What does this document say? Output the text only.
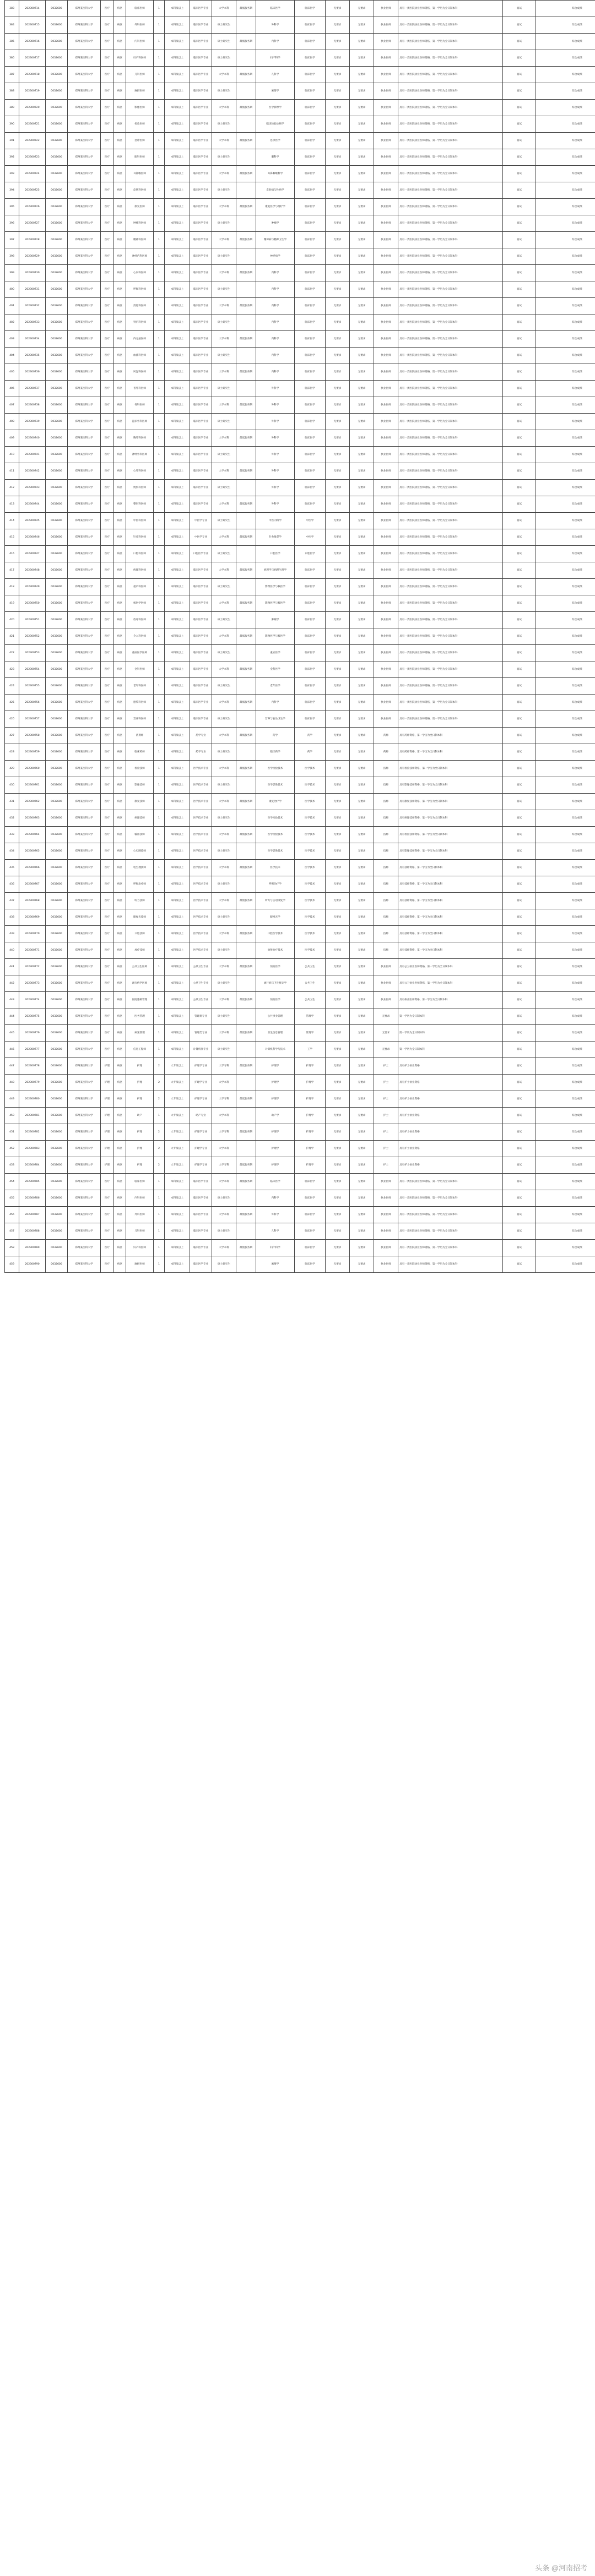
383	202300714	0032600	郑州某医科大学	医疗	病区	临床医师	1	本科及以上	临床医学专业	大学本科	最低服务期	临床医学	临床医学	无要求	无要求	执业医师	具有一类医院执业医师资格，第一学历为全日制本科	面试	综合成绩
384	202300715	0032600	郑州某医科大学	医疗	病区	外科医师	1	本科及以上	临床医学专业	硕士研究生		外科学	临床医学	无要求	无要求	执业医师	具有一类医院执业医师资格，第一学历为全日制本科	面试	综合成绩
385	202300716	0032600	郑州某医科大学	医疗	病区	内科医师	1	本科及以上	临床医学专业	硕士研究生	最低服务期	内科学	临床医学	无要求	无要求	执业医师	具有一类医院执业医师资格，第一学历为全日制本科	面试	综合成绩
386	202300717	0032600	郑州某医科大学	医疗	病区	妇产科医师	1	本科及以上	临床医学专业	硕士研究生		妇产科学	临床医学	无要求	无要求	执业医师	具有一类医院执业医师资格，第一学历为全日制本科	面试	综合成绩
387	202300718	0032600	郑州某医科大学	医疗	病区	儿科医师	1	本科及以上	临床医学专业	大学本科	最低服务期	儿科学	临床医学	无要求	无要求	执业医师	具有一类医院执业医师资格，第一学历为全日制本科	面试	综合成绩
388	202300719	0032600	郑州某医科大学	医疗	病区	麻醉医师	1	本科及以上	临床医学专业	硕士研究生		麻醉学	临床医学	无要求	无要求	执业医师	具有一类医院执业医师资格，第一学历为全日制本科	面试	综合成绩
389	202300720	0032600	郑州某医科大学	医疗	病区	影像医师	1	本科及以上	临床医学专业	大学本科	最低服务期	医学影像学	临床医学	无要求	无要求	执业医师	具有一类医院执业医师资格，第一学历为全日制本科	面试	综合成绩
390	202300721	0032600	郑州某医科大学	医疗	病区	检验医师	1	本科及以上	临床医学专业	硕士研究生		临床检验诊断学	临床医学	无要求	无要求	执业医师	具有一类医院执业医师资格，第一学历为全日制本科	面试	综合成绩
391	202300722	0032600	郑州某医科大学	医疗	病区	急诊医师	1	本科及以上	临床医学专业	大学本科	最低服务期	急诊医学	临床医学	无要求	无要求	执业医师	具有一类医院执业医师资格，第一学历为全日制本科	面试	综合成绩
392	202300723	0032600	郑州某医科大学	医疗	病区	眼科医师	1	本科及以上	临床医学专业	硕士研究生		眼科学	临床医学	无要求	无要求	执业医师	具有一类医院执业医师资格，第一学历为全日制本科	面试	综合成绩
393	202300724	0032600	郑州某医科大学	医疗	病区	耳鼻喉医师	1	本科及以上	临床医学专业	大学本科	最低服务期	耳鼻咽喉科学	临床医学	无要求	无要求	执业医师	具有一类医院执业医师资格，第一学历为全日制本科	面试	综合成绩
394	202300725	0032600	郑州某医科大学	医疗	病区	皮肤科医师	1	本科及以上	临床医学专业	硕士研究生		皮肤病与性病学	临床医学	无要求	无要求	执业医师	具有一类医院执业医师资格，第一学历为全日制本科	面试	综合成绩
395	202300726	0032600	郑州某医科大学	医疗	病区	康复医师	1	本科及以上	临床医学专业	大学本科	最低服务期	康复医学与理疗学	临床医学	无要求	无要求	执业医师	具有一类医院执业医师资格，第一学历为全日制本科	面试	综合成绩
396	202300727	0032600	郑州某医科大学	医疗	病区	肿瘤科医师	1	本科及以上	临床医学专业	硕士研究生		肿瘤学	临床医学	无要求	无要求	执业医师	具有一类医院执业医师资格，第一学历为全日制本科	面试	综合成绩
397	202300728	0032600	郑州某医科大学	医疗	病区	精神科医师	1	本科及以上	临床医学专业	大学本科	最低服务期	精神病与精神卫生学	临床医学	无要求	无要求	执业医师	具有一类医院执业医师资格，第一学历为全日制本科	面试	综合成绩
398	202300729	0032600	郑州某医科大学	医疗	病区	神经内科医师	1	本科及以上	临床医学专业	硕士研究生		神经病学	临床医学	无要求	无要求	执业医师	具有一类医院执业医师资格，第一学历为全日制本科	面试	综合成绩
399	202300730	0032600	郑州某医科大学	医疗	病区	心内科医师	1	本科及以上	临床医学专业	大学本科	最低服务期	内科学	临床医学	无要求	无要求	执业医师	具有一类医院执业医师资格，第一学历为全日制本科	面试	综合成绩
400	202300731	0032600	郑州某医科大学	医疗	病区	呼吸科医师	1	本科及以上	临床医学专业	硕士研究生		内科学	临床医学	无要求	无要求	执业医师	具有一类医院执业医师资格，第一学历为全日制本科	面试	综合成绩
401	202300732	0032600	郑州某医科大学	医疗	病区	消化科医师	1	本科及以上	临床医学专业	大学本科	最低服务期	内科学	临床医学	无要求	无要求	执业医师	具有一类医院执业医师资格，第一学历为全日制本科	面试	综合成绩
402	202300733	0032600	郑州某医科大学	医疗	病区	肾内科医师	1	本科及以上	临床医学专业	硕士研究生		内科学	临床医学	无要求	无要求	执业医师	具有一类医院执业医师资格，第一学历为全日制本科	面试	综合成绩
403	202300734	0032600	郑州某医科大学	医疗	病区	内分泌医师	1	本科及以上	临床医学专业	大学本科	最低服务期	内科学	临床医学	无要求	无要求	执业医师	具有一类医院执业医师资格，第一学历为全日制本科	面试	综合成绩
404	202300735	0032600	郑州某医科大学	医疗	病区	血液科医师	1	本科及以上	临床医学专业	硕士研究生		内科学	临床医学	无要求	无要求	执业医师	具有一类医院执业医师资格，第一学历为全日制本科	面试	综合成绩
405	202300736	0032600	郑州某医科大学	医疗	病区	风湿科医师	1	本科及以上	临床医学专业	大学本科	最低服务期	内科学	临床医学	无要求	无要求	执业医师	具有一类医院执业医师资格，第一学历为全日制本科	面试	综合成绩
406	202300737	0032600	郑州某医科大学	医疗	病区	普外科医师	1	本科及以上	临床医学专业	硕士研究生		外科学	临床医学	无要求	无要求	执业医师	具有一类医院执业医师资格，第一学历为全日制本科	面试	综合成绩
407	202300738	0032600	郑州某医科大学	医疗	病区	骨科医师	1	本科及以上	临床医学专业	大学本科	最低服务期	外科学	临床医学	无要求	无要求	执业医师	具有一类医院执业医师资格，第一学历为全日制本科	面试	综合成绩
408	202300739	0032600	郑州某医科大学	医疗	病区	泌尿外科医师	1	本科及以上	临床医学专业	硕士研究生		外科学	临床医学	无要求	无要求	执业医师	具有一类医院执业医师资格，第一学历为全日制本科	面试	综合成绩
409	202300740	0032600	郑州某医科大学	医疗	病区	胸外科医师	1	本科及以上	临床医学专业	大学本科	最低服务期	外科学	临床医学	无要求	无要求	执业医师	具有一类医院执业医师资格，第一学历为全日制本科	面试	综合成绩
410	202300741	0032600	郑州某医科大学	医疗	病区	神经外科医师	1	本科及以上	临床医学专业	硕士研究生		外科学	临床医学	无要求	无要求	执业医师	具有一类医院执业医师资格，第一学历为全日制本科	面试	综合成绩
411	202300742	0032600	郑州某医科大学	医疗	病区	心外科医师	1	本科及以上	临床医学专业	大学本科	最低服务期	外科学	临床医学	无要求	无要求	执业医师	具有一类医院执业医师资格，第一学历为全日制本科	面试	综合成绩
412	202300743	0032600	郑州某医科大学	医疗	病区	烧伤科医师	1	本科及以上	临床医学专业	硕士研究生		外科学	临床医学	无要求	无要求	执业医师	具有一类医院执业医师资格，第一学历为全日制本科	面试	综合成绩
413	202300744	0032600	郑州某医科大学	医疗	病区	整形科医师	1	本科及以上	临床医学专业	大学本科	最低服务期	外科学	临床医学	无要求	无要求	执业医师	具有一类医院执业医师资格，第一学历为全日制本科	面试	综合成绩
414	202300745	0032600	郑州某医科大学	医疗	病区	中医科医师	1	本科及以上	中医学专业	硕士研究生		中医内科学	中医学	无要求	无要求	执业医师	具有一类医院执业医师资格，第一学历为全日制本科	面试	综合成绩
415	202300746	0032600	郑州某医科大学	医疗	病区	针灸科医师	1	本科及以上	中医学专业	大学本科	最低服务期	针灸推拿学	中医学	无要求	无要求	执业医师	具有一类医院执业医师资格，第一学历为全日制本科	面试	综合成绩
416	202300747	0032600	郑州某医科大学	医疗	病区	口腔科医师	1	本科及以上	口腔医学专业	硕士研究生		口腔医学	口腔医学	无要求	无要求	执业医师	具有一类医院执业医师资格，第一学历为全日制本科	面试	综合成绩
417	202300748	0032600	郑州某医科大学	医疗	病区	病理科医师	1	本科及以上	临床医学专业	大学本科	最低服务期	病理学与病理生理学	临床医学	无要求	无要求	执业医师	具有一类医院执业医师资格，第一学历为全日制本科	面试	综合成绩
418	202300749	0032600	郑州某医科大学	医疗	病区	超声科医师	1	本科及以上	临床医学专业	硕士研究生		影像医学与核医学	临床医学	无要求	无要求	执业医师	具有一类医院执业医师资格，第一学历为全日制本科	面试	综合成绩
419	202300750	0032600	郑州某医科大学	医疗	病区	核医学医师	1	本科及以上	临床医学专业	大学本科	最低服务期	影像医学与核医学	临床医学	无要求	无要求	执业医师	具有一类医院执业医师资格，第一学历为全日制本科	面试	综合成绩
420	202300751	0032600	郑州某医科大学	医疗	病区	放疗科医师	1	本科及以上	临床医学专业	硕士研究生		肿瘤学	临床医学	无要求	无要求	执业医师	具有一类医院执业医师资格，第一学历为全日制本科	面试	综合成绩
421	202300752	0032600	郑州某医科大学	医疗	病区	介入科医师	1	本科及以上	临床医学专业	大学本科	最低服务期	影像医学与核医学	临床医学	无要求	无要求	执业医师	具有一类医院执业医师资格，第一学历为全日制本科	面试	综合成绩
422	202300753	0032600	郑州某医科大学	医疗	病区	重症医学医师	1	本科及以上	临床医学专业	硕士研究生		重症医学	临床医学	无要求	无要求	执业医师	具有一类医院执业医师资格，第一学历为全日制本科	面试	综合成绩
423	202300754	0032600	郑州某医科大学	医疗	病区	全科医师	1	本科及以上	临床医学专业	大学本科	最低服务期	全科医学	临床医学	无要求	无要求	执业医师	具有一类医院执业医师资格，第一学历为全日制本科	面试	综合成绩
424	202300755	0032600	郑州某医科大学	医疗	病区	老年科医师	1	本科及以上	临床医学专业	硕士研究生		老年医学	临床医学	无要求	无要求	执业医师	具有一类医院执业医师资格，第一学历为全日制本科	面试	综合成绩
425	202300756	0032600	郑州某医科大学	医疗	病区	感染科医师	1	本科及以上	临床医学专业	大学本科	最低服务期	内科学	临床医学	无要求	无要求	执业医师	具有一类医院执业医师资格，第一学历为全日制本科	面试	综合成绩
426	202300757	0032600	郑州某医科大学	医疗	病区	营养科医师	1	本科及以上	临床医学专业	硕士研究生		营养与食品卫生学	临床医学	无要求	无要求	执业医师	具有一类医院执业医师资格，第一学历为全日制本科	面试	综合成绩
427	202300758	0032600	郑州某医科大学	医疗	病区	药剂师	1	本科及以上	药学专业	大学本科	最低服务期	药学	药学	无要求	无要求	药师	具有药师资格，第一学历为全日制本科	面试	综合成绩
428	202300759	0032600	郑州某医科大学	医疗	病区	临床药师	1	本科及以上	药学专业	硕士研究生		临床药学	药学	无要求	无要求	药师	具有药师资格，第一学历为全日制本科	面试	综合成绩
429	202300760	0032600	郑州某医科大学	医疗	病区	检验技师	1	本科及以上	医学技术专业	大学本科	最低服务期	医学检验技术	医学技术	无要求	无要求	技师	具有检验技师资格，第一学历为全日制本科	面试	综合成绩
430	202300761	0032600	郑州某医科大学	医疗	病区	影像技师	1	本科及以上	医学技术专业	硕士研究生		医学影像技术	医学技术	无要求	无要求	技师	具有影像技师资格，第一学历为全日制本科	面试	综合成绩
431	202300762	0032600	郑州某医科大学	医疗	病区	康复技师	1	本科及以上	医学技术专业	大学本科	最低服务期	康复治疗学	医学技术	无要求	无要求	技师	具有康复技师资格，第一学历为全日制本科	面试	综合成绩
432	202300763	0032600	郑州某医科大学	医疗	病区	病理技师	1	本科及以上	医学技术专业	硕士研究生		医学检验技术	医学技术	无要求	无要求	技师	具有病理技师资格，第一学历为全日制本科	面试	综合成绩
433	202300764	0032600	郑州某医科大学	医疗	病区	输血技师	1	本科及以上	医学技术专业	大学本科	最低服务期	医学检验技术	医学技术	无要求	无要求	技师	具有检验技师资格，第一学历为全日制本科	面试	综合成绩
434	202300765	0032600	郑州某医科大学	医疗	病区	心电图技师	1	本科及以上	医学技术专业	硕士研究生		医学影像技术	医学技术	无要求	无要求	技师	具有影像技师资格，第一学历为全日制本科	面试	综合成绩
435	202300766	0032600	郑州某医科大学	医疗	病区	电生理技师	1	本科及以上	医学技术专业	大学本科	最低服务期	医学技术	医学技术	无要求	无要求	技师	具有技师资格，第一学历为全日制本科	面试	综合成绩
436	202300767	0032600	郑州某医科大学	医疗	病区	呼吸治疗师	1	本科及以上	医学技术专业	硕士研究生		呼吸治疗学	医学技术	无要求	无要求	技师	具有技师资格，第一学历为全日制本科	面试	综合成绩
437	202300768	0032600	郑州某医科大学	医疗	病区	听力技师	1	本科及以上	医学技术专业	大学本科	最低服务期	听力与言语康复学	医学技术	无要求	无要求	技师	具有技师资格，第一学历为全日制本科	面试	综合成绩
438	202300769	0032600	郑州某医科大学	医疗	病区	眼视光技师	1	本科及以上	医学技术专业	硕士研究生		眼视光学	医学技术	无要求	无要求	技师	具有技师资格，第一学历为全日制本科	面试	综合成绩
439	202300770	0032600	郑州某医科大学	医疗	病区	口腔技师	1	本科及以上	医学技术专业	大学本科	最低服务期	口腔医学技术	医学技术	无要求	无要求	技师	具有技师资格，第一学历为全日制本科	面试	综合成绩
440	202300771	0032600	郑州某医科大学	医疗	病区	放疗技师	1	本科及以上	医学技术专业	硕士研究生		放射治疗技术	医学技术	无要求	无要求	技师	具有技师资格，第一学历为全日制本科	面试	综合成绩
441	202300772	0032600	郑州某医科大学	医疗	病区	公共卫生医师	1	本科及以上	公共卫生专业	大学本科	最低服务期	预防医学	公共卫生	无要求	无要求	执业医师	具有公卫执业医师资格，第一学历为全日制本科	面试	综合成绩
442	202300773	0032600	郑州某医科大学	医疗	病区	流行病学医师	1	本科及以上	公共卫生专业	硕士研究生		流行病与卫生统计学	公共卫生	无要求	无要求	执业医师	具有公卫执业医师资格，第一学历为全日制本科	面试	综合成绩
443	202300774	0032600	郑州某医科大学	医疗	病区	医院感染管理	1	本科及以上	公共卫生专业	大学本科	最低服务期	预防医学	公共卫生	无要求	无要求	执业医师	具有执业医师资格，第一学历为全日制本科	面试	综合成绩
444	202300775	0032600	郑州某医科大学	医疗	病区	医务管理	1	本科及以上	管理类专业	硕士研究生		公共事业管理	管理学	无要求	无要求	无要求	第一学历为全日制本科	面试	综合成绩
445	202300776	0032600	郑州某医科大学	医疗	病区	病案管理	1	本科及以上	管理类专业	大学本科	最低服务期	卫生信息管理	管理学	无要求	无要求	无要求	第一学历为全日制本科	面试	综合成绩
446	202300777	0032600	郑州某医科大学	医疗	病区	信息工程师	1	本科及以上	计算机类专业	硕士研究生		计算机科学与技术	工学	无要求	无要求	无要求	第一学历为全日制本科	面试	综合成绩
447	202300778	0032600	郑州某医科大学	护理	病区	护理	2	大专及以上	护理学专业	大学专科	最低服务期	护理学	护理学	无要求	无要求	护士	具有护士执业资格	面试	综合成绩
448	202300779	0032600	郑州某医科大学	护理	病区	护理	2	大专及以上	护理学专业	大学本科		护理学	护理学	无要求	无要求	护士	具有护士执业资格	面试	综合成绩
449	202300780	0032600	郑州某医科大学	护理	病区	护理	2	大专及以上	护理学专业	大学专科	最低服务期	护理学	护理学	无要求	无要求	护士	具有护士执业资格	面试	综合成绩
450	202300781	0032600	郑州某医科大学	护理	病区	助产	1	大专及以上	助产专业	大学本科		助产学	护理学	无要求	无要求	护士	具有护士执业资格	面试	综合成绩
451	202300782	0032600	郑州某医科大学	护理	病区	护理	2	大专及以上	护理学专业	大学专科	最低服务期	护理学	护理学	无要求	无要求	护士	具有护士执业资格	面试	综合成绩
452	202300783	0032600	郑州某医科大学	护理	病区	护理	2	大专及以上	护理学专业	大学本科		护理学	护理学	无要求	无要求	护士	具有护士执业资格	面试	综合成绩
453	202300784	0032600	郑州某医科大学	护理	病区	护理	2	大专及以上	护理学专业	大学专科	最低服务期	护理学	护理学	无要求	无要求	护士	具有护士执业资格	面试	综合成绩
454	202300785	0032600	郑州某医科大学	医疗	病区	临床医师	1	本科及以上	临床医学专业	大学本科	最低服务期	临床医学	临床医学	无要求	无要求	执业医师	具有一类医院执业医师资格，第一学历为全日制本科	面试	综合成绩
455	202300786	0032600	郑州某医科大学	医疗	病区	内科医师	1	本科及以上	临床医学专业	硕士研究生		内科学	临床医学	无要求	无要求	执业医师	具有一类医院执业医师资格，第一学历为全日制本科	面试	综合成绩
456	202300787	0032600	郑州某医科大学	医疗	病区	外科医师	1	本科及以上	临床医学专业	大学本科	最低服务期	外科学	临床医学	无要求	无要求	执业医师	具有一类医院执业医师资格，第一学历为全日制本科	面试	综合成绩
457	202300788	0032600	郑州某医科大学	医疗	病区	儿科医师	1	本科及以上	临床医学专业	硕士研究生		儿科学	临床医学	无要求	无要求	执业医师	具有一类医院执业医师资格，第一学历为全日制本科	面试	综合成绩
458	202300789	0032600	郑州某医科大学	医疗	病区	妇产科医师	1	本科及以上	临床医学专业	大学本科	最低服务期	妇产科学	临床医学	无要求	无要求	执业医师	具有一类医院执业医师资格，第一学历为全日制本科	面试	综合成绩
459	202300790	0032600	郑州某医科大学	医疗	病区	麻醉医师	1	本科及以上	临床医学专业	硕士研究生		麻醉学	临床医学	无要求	无要求	执业医师	具有一类医院执业医师资格，第一学历为全日制本科	面试	综合成绩
头条 @河南招考
